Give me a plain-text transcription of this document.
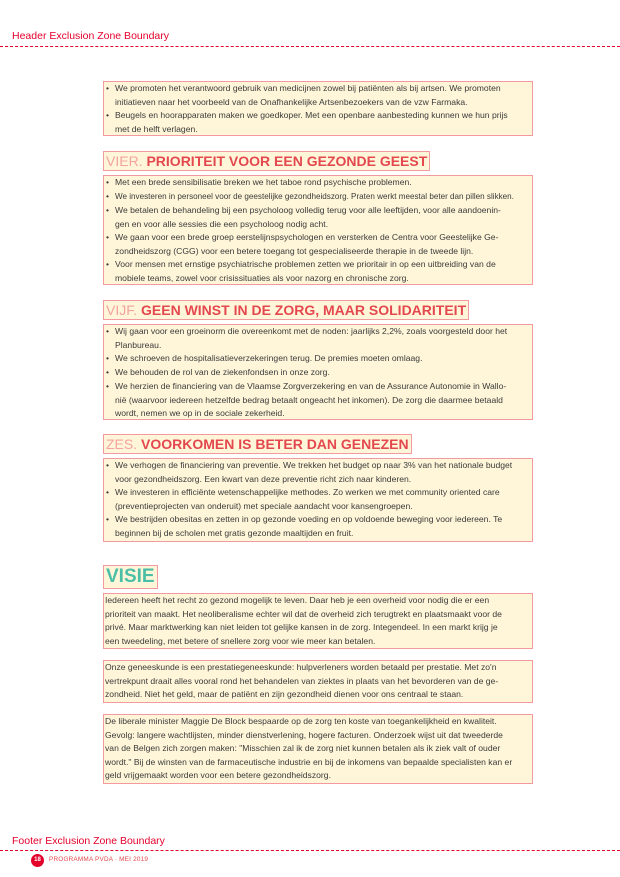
Header Exclusion Zone Boundary
• We promoten het verantwoord gebruik van medicijnen zowel bij patiënten als bij artsen. We promoten
initiatieven naar het voorbeeld van de Onafhankelijke Artsenbezoekers van de vzw Farmaka.
• Beugels en hoorapparaten maken we goedkoper. Met een openbare aanbesteding kunnen we hun prijs
met de helft verlagen.
VIER. PRIORITEIT VOOR EEN GEZONDE GEEST
• Met een brede sensibilisatie breken we het taboe rond psychische problemen.
• We investeren in personeel voor de geestelijke gezondheidszorg. Praten werkt meestal beter dan pillen slikken.
• We betalen de behandeling bij een psycholoog volledig terug voor alle leeftijden, voor alle aandoenin-
gen en voor alle sessies die een psycholoog nodig acht.
• We gaan voor een brede groep eerstelijnspsychologen en versterken de Centra voor Geestelijke Ge-
zondheidszorg (CGG) voor een betere toegang tot gespecialiseerde therapie in de tweede lijn.
• Voor mensen met ernstige psychiatrische problemen zetten we prioritair in op een uitbreiding van de
mobiele teams, zowel voor crisissituaties als voor nazorg en chronische zorg.
VIJF. GEEN WINST IN DE ZORG, MAAR SOLIDARITEIT
• Wij gaan voor een groeinorm die overeenkomt met de noden: jaarlijks 2,2%, zoals voorgesteld door het
Planbureau.
• We schroeven de hospitalisatieverzekeringen terug. De premies moeten omlaag.
• We behouden de rol van de ziekenfondsen in onze zorg.
• We herzien de financiering van de Vlaamse Zorgverzekering en van de Assurance Autonomie in Wallo-
nië (waarvoor iedereen hetzelfde bedrag betaalt ongeacht het inkomen). De zorg die daarmee betaald
wordt, nemen we op in de sociale zekerheid.
ZES. VOORKOMEN IS BETER DAN GENEZEN
• We verhogen de financiering van preventie. We trekken het budget op naar 3% van het nationale budget
voor gezondheidszorg. Een kwart van deze preventie richt zich naar kinderen.
• We investeren in efficiënte wetenschappelijke methodes. Zo werken we met community oriented care
(preventieprojecten van onderuit) met speciale aandacht voor kansengroepen.
• We bestrijden obesitas en zetten in op gezonde voeding en op voldoende beweging voor iedereen. Te
beginnen bij de scholen met gratis gezonde maaltijden en fruit.
VISIE
Iedereen heeft het recht zo gezond mogelijk te leven. Daar heb je een overheid voor nodig die er een
prioriteit van maakt. Het neoliberalisme echter wil dat de overheid zich terugtrekt en plaatsmaakt voor de
privé. Maar marktwerking kan niet leiden tot gelijke kansen in de zorg. Integendeel. In een markt krijg je
een tweedeling, met betere of snellere zorg voor wie meer kan betalen.
Onze geneeskunde is een prestatiegeneeskunde: hulpverleners worden betaald per prestatie. Met zo'n
vertrekpunt draait alles vooral rond het behandelen van ziektes in plaats van het bevorderen van de ge-
zondheid. Niet het geld, maar de patiënt en zijn gezondheid dienen voor ons centraal te staan.
De liberale minister Maggie De Block bespaarde op de zorg ten koste van toegankelijkheid en kwaliteit.
Gevolg: langere wachtlijsten, minder dienstverlening, hogere facturen. Onderzoek wijst uit dat tweederde
van de Belgen zich zorgen maken: "Misschien zal ik de zorg niet kunnen betalen als ik ziek valt of ouder
wordt." Bij de winsten van de farmaceutische industrie en bij de inkomens van bepaalde specialisten kan er
geld vrijgemaakt worden voor een betere gezondheidszorg.
Footer Exclusion Zone Boundary
18	PROGRAMMA PVDA · MEI 2019
